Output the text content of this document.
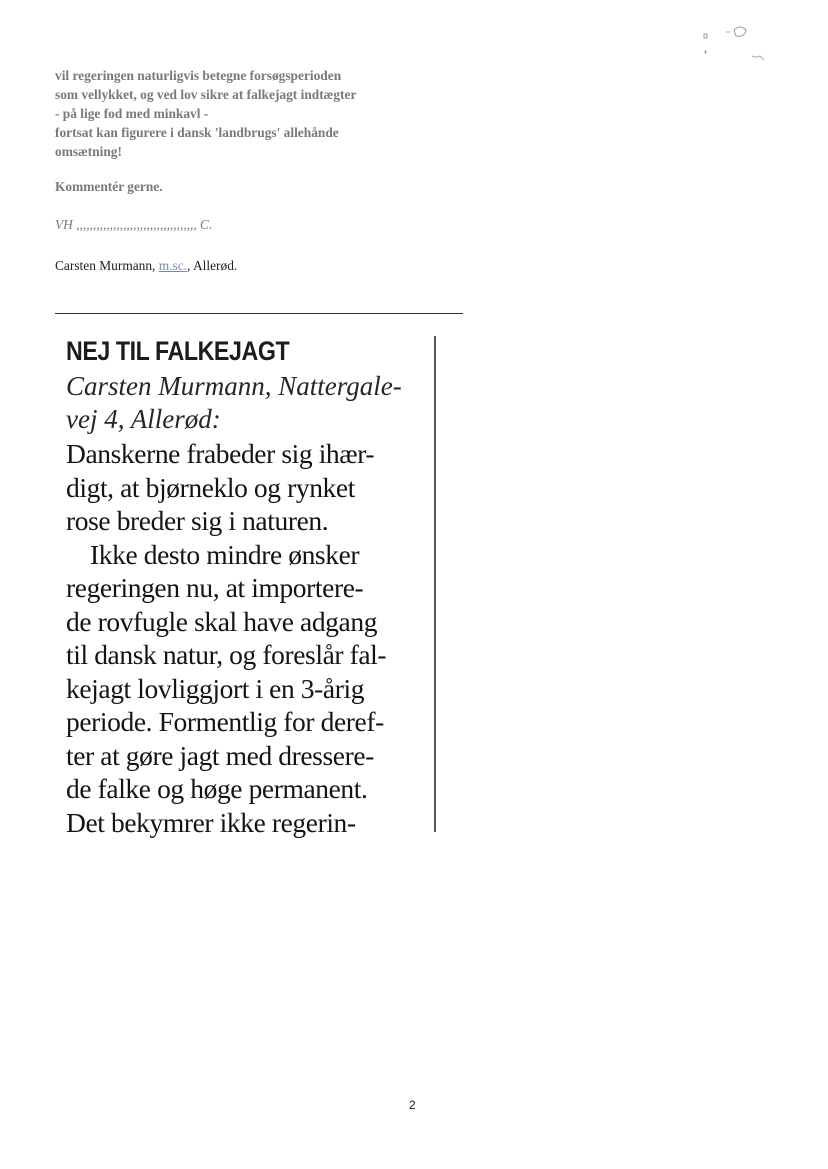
vil regeringen naturligvis betegne forsøgsperioden

som vellykket, og ved lov sikre at falkejagt indtægter

- på lige fod med minkavl -

fortsat kan figurere i dansk 'landbrugs' allehånde

omsætning!

Kommentér gerne.
VH ,,,,,,,,,,,,,,,,,,,,,,,,,,,,,,,,,,,, C.
Carsten Murmann, m.sc., Allerød.
NEJ TIL FALKEJAGT
Carsten Murmann, Nattergale-
vej 4, Allerød:
Danskerne frabeder sig ihær-
digt, at bjørneklo og rynket
rose breder sig i naturen.
Ikke desto mindre ønsker
regeringen nu, at importere-
de rovfugle skal have adgang
til dansk natur, og foreslår fal-
kejagt lovliggjort i en 3-årig
periode. Formentlig for deref-
ter at gøre jagt med dressere-
de falke og høge permanent.
Det bekymrer ikke regerin-
2
